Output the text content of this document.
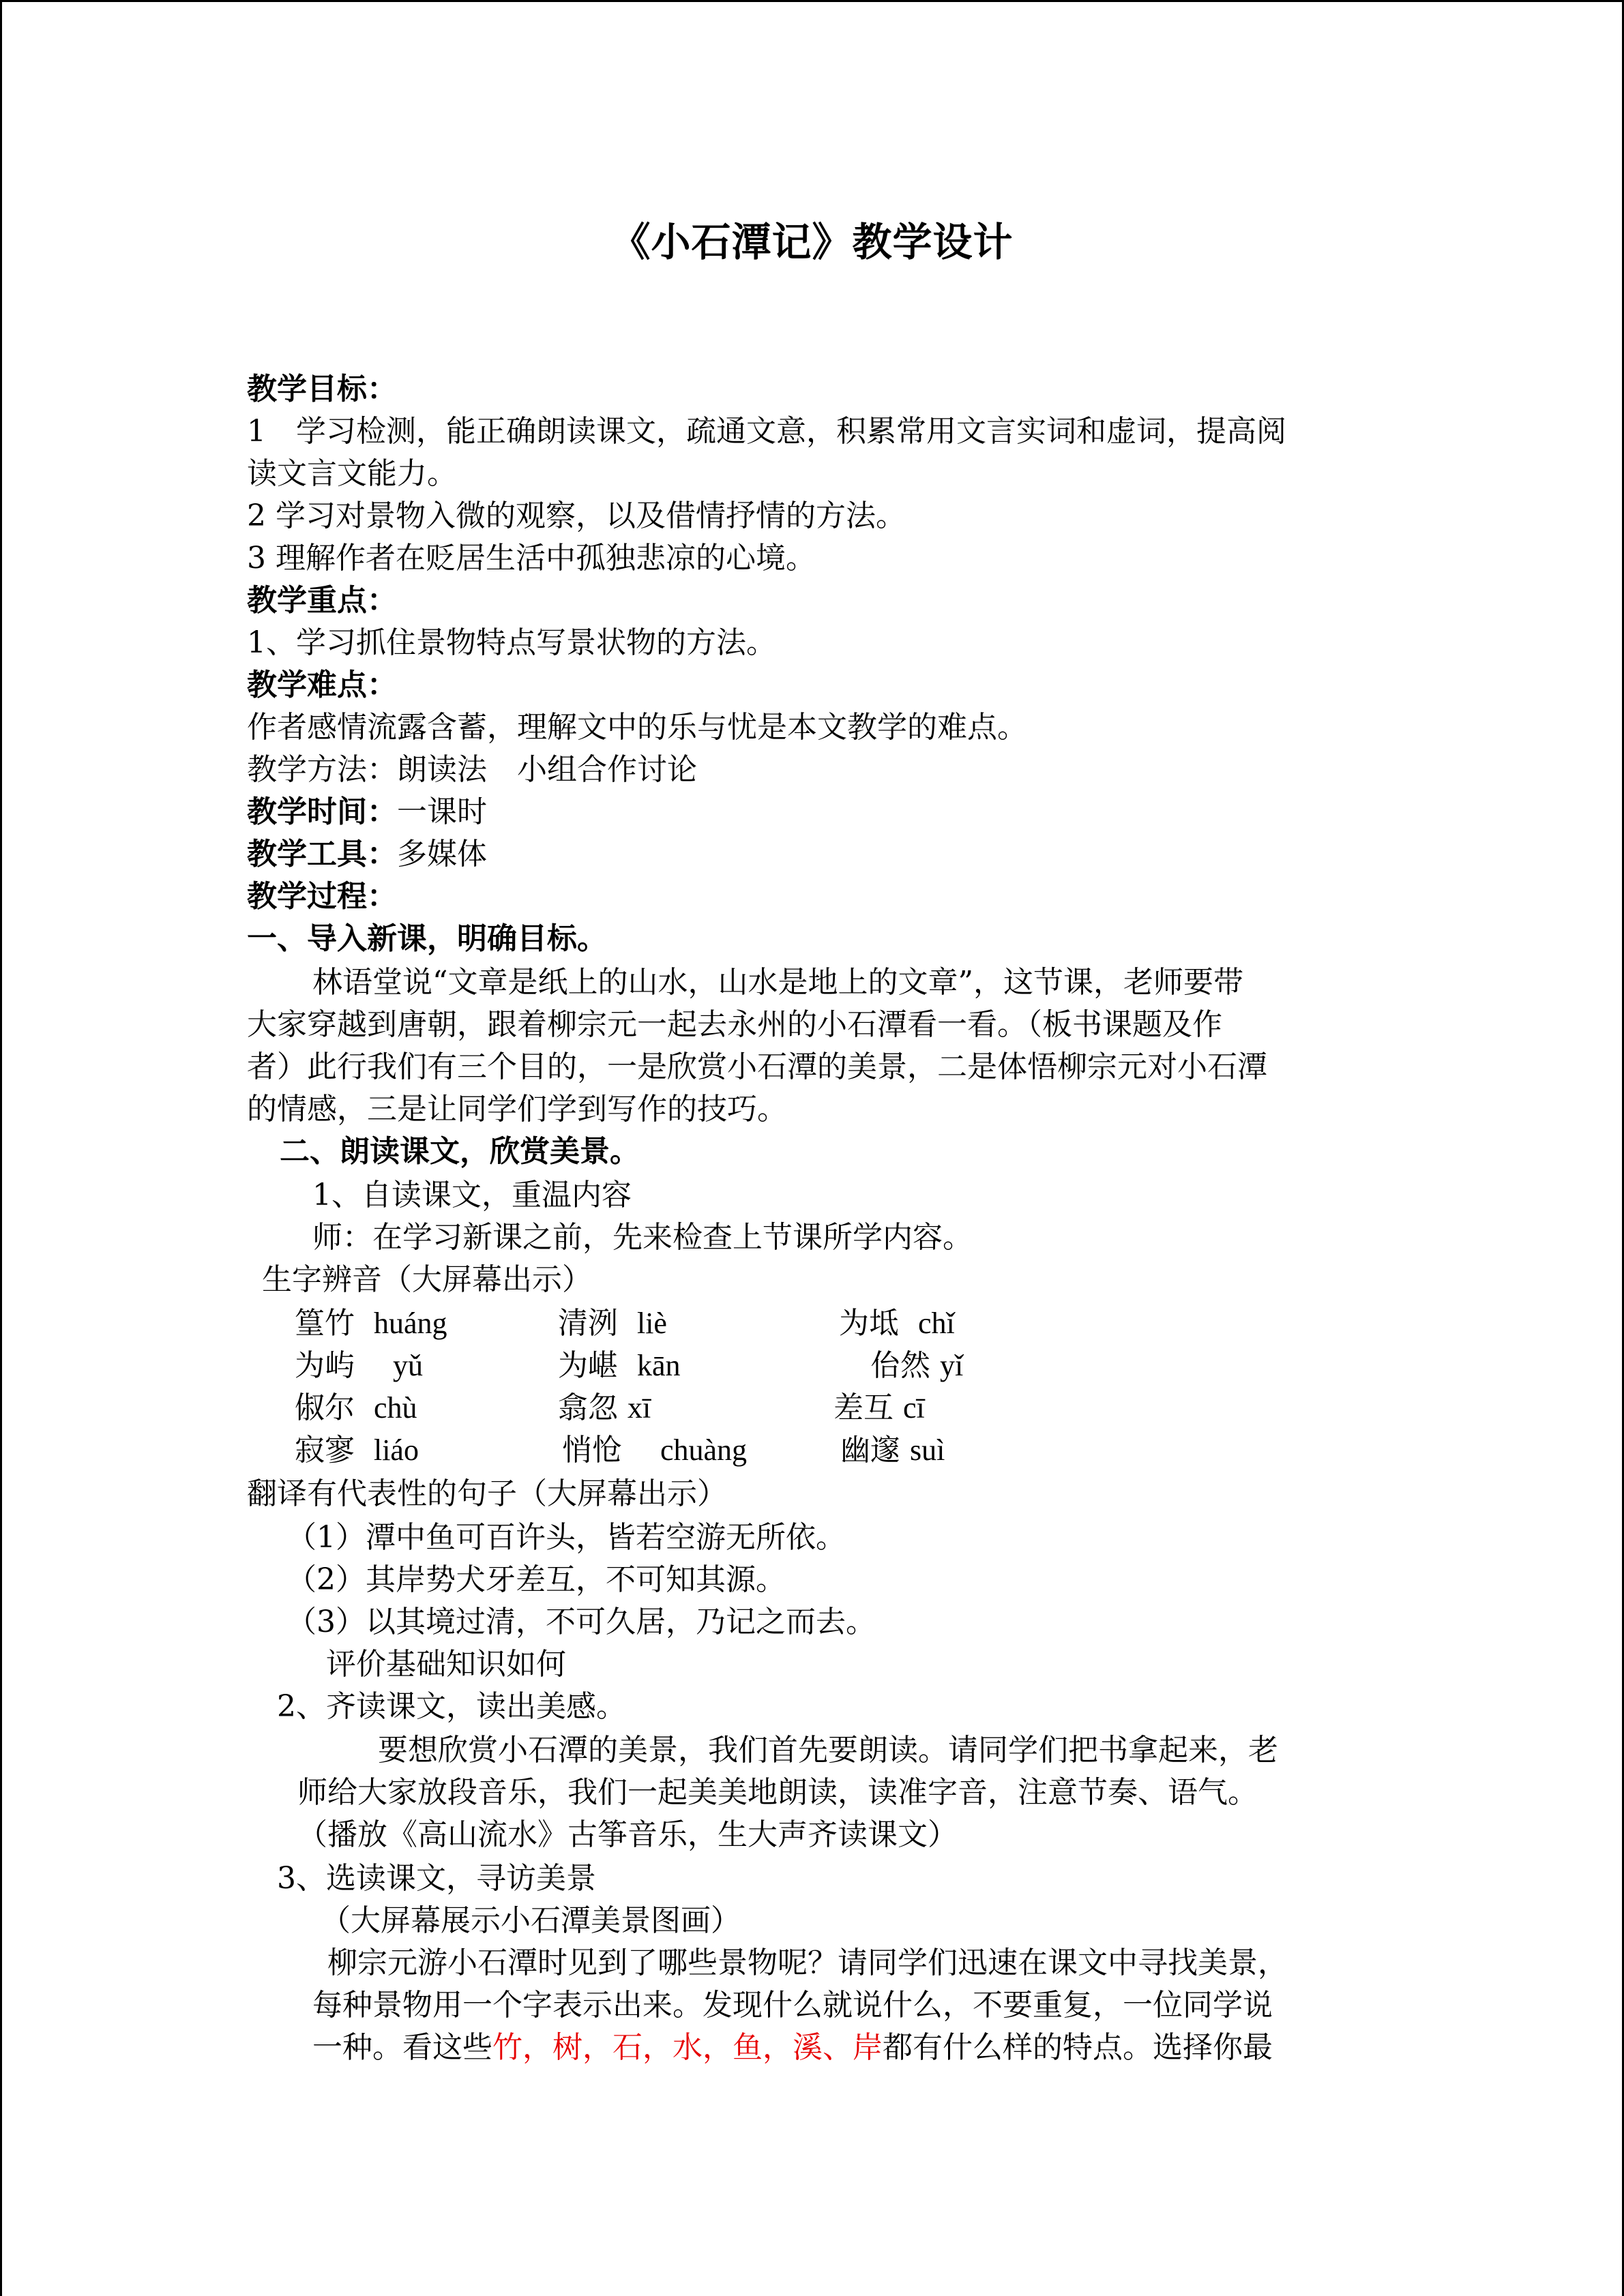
《小石潭记》教学设计
教学目标：
1　学习检测，能正确朗读课文，疏通文意，积累常用文言实词和虚词，提高阅
读文言文能力。
2 学习对景物入微的观察，以及借情抒情的方法。
3 理解作者在贬居生活中孤独悲凉的心境。
教学重点：
1、学习抓住景物特点写景状物的方法。
教学难点：
作者感情流露含蓄，理解文中的乐与忧是本文教学的难点。
教学方法：朗读法　小组合作讨论
教学时间：一课时
教学工具：多媒体
教学过程：
一、导入新课，明确目标。
林语堂说“文章是纸上的山水，山水是地上的文章”，这节课，老师要带
大家穿越到唐朝，跟着柳宗元一起去永州的小石潭看一看。（板书课题及作
者）此行我们有三个目的，一是欣赏小石潭的美景，二是体悟柳宗元对小石潭
的情感，三是让同学们学到写作的技巧。
二、朗读课文，欣赏美景。
1、自读课文，重温内容
师：在学习新课之前，先来检查上节课所学内容。
生字辨音（大屏幕出示）
篁竹 huáng	清洌 liè	为坻 chǐ
为屿 yǔ	为嵁 kān	佁然 yǐ
俶尔 chù	翕忽 xī	差互 cī
寂寥 liáo	悄怆 chuàng	幽邃 suì
翻译有代表性的句子（大屏幕出示）
（1）潭中鱼可百许头，皆若空游无所依。
（2）其岸势犬牙差互，不可知其源。
（3）以其境过清，不可久居，乃记之而去。
评价基础知识如何
2、齐读课文，读出美感。
要想欣赏小石潭的美景，我们首先要朗读。请同学们把书拿起来，老
师给大家放段音乐，我们一起美美地朗读，读准字音，注意节奏、语气。
（播放《高山流水》古筝音乐，生大声齐读课文）
3、选读课文，寻访美景
（大屏幕展示小石潭美景图画）
柳宗元游小石潭时见到了哪些景物呢？请同学们迅速在课文中寻找美景，
每种景物用一个字表示出来。发现什么就说什么，不要重复，一位同学说
一种。看这些竹，树，石，水，鱼，溪、岸都有什么样的特点。选择你最
